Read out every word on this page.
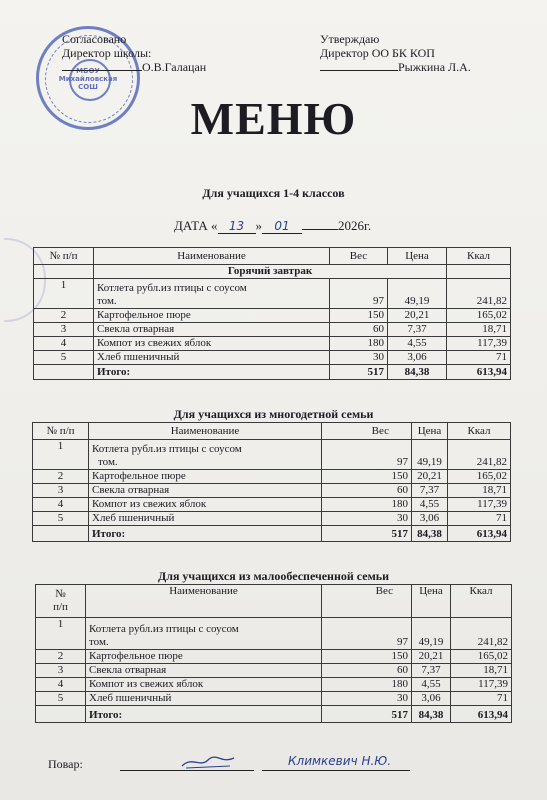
МБОУ
Михайловская
СОШ
Согласовано
Директор школы:
О.В.Галацан
Утверждаю
Директор ОО БК КОП
Рыжкина Л.А.
МЕНЮ
Для учащихся 1-4 классов
ДАТА « 13 » 01	2026г.
№ п/п	Наименование	Вес	Цена	Ккал
	Горячий завтрак			
1	Котлета рубл.из птицы с соусом
том.	97	49,19	241,82
2	Картофельное пюре	150	20,21	165,02
3	Свекла отварная	60	7,37	18,71
4	Компот из свежих яблок	180	4,55	117,39
5	Хлеб пшеничный	30	3,06	71
	Итого:	517	84,38	613,94
Для учащихся из многодетной семьи
№ п/п	Наименование	Вес	Цена	Ккал
1	Котлета рубл.из птицы с соусом
том.	97	49,19	241,82
2	Картофельное пюре	150	20,21	165,02
3	Свекла отварная	60	7,37	18,71
4	Компот из свежих яблок	180	4,55	117,39
5	Хлеб пшеничный	30	3,06	71
	Итого:	517	84,38	613,94
Для учащихся из малообеспеченной семьи
№
п/п	Наименование	Вес	Цена	Ккал
1	Котлета рубл.из птицы с соусом
том.	97	49,19	241,82
2	Картофельное пюре	150	20,21	165,02
3	Свекла отварная	60	7,37	18,71
4	Компот из свежих яблок	180	4,55	117,39
5	Хлеб пшеничный	30	3,06	71
	Итого:	517	84,38	613,94
Повар:	Климкевич Н.Ю.
